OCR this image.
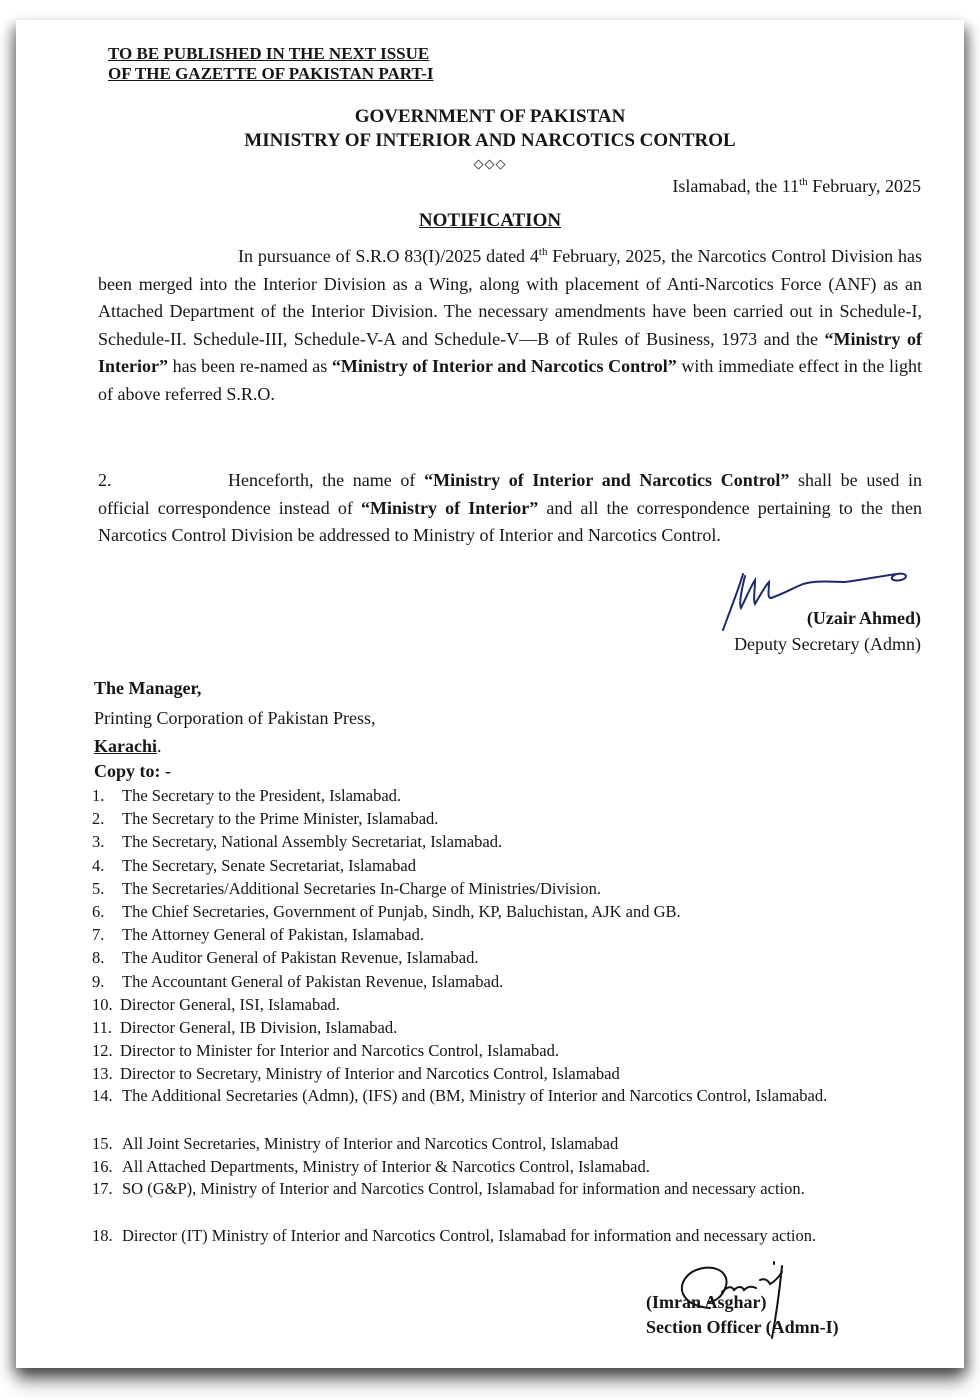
TO BE PUBLISHED IN THE NEXT ISSUE
OF THE GAZETTE OF PAKISTAN PART-I
GOVERNMENT OF PAKISTAN
MINISTRY OF INTERIOR AND NARCOTICS CONTROL
◇◇◇
Islamabad, the 11th February, 2025
NOTIFICATION
In pursuance of S.R.O 83(I)/2025 dated 4th February, 2025, the Narcotics Control Division has been merged into the Interior Division as a Wing, along with placement of Anti-Narcotics Force (ANF) as an Attached Department of the Interior Division. The necessary amendments have been carried out in Schedule-I, Schedule-II. Schedule-III, Schedule-V-A and Schedule-V—B of Rules of Business, 1973 and the “Ministry of Interior” has been re-named as “Ministry of Interior and Narcotics Control” with immediate effect in the light of above referred S.R.O.
2.	Henceforth, the name of “Ministry of Interior and Narcotics Control” shall be used in official correspondence instead of “Ministry of Interior” and all the correspondence pertaining to the then Narcotics Control Division be addressed to Ministry of Interior and Narcotics Control.
(Uzair Ahmed)
Deputy Secretary (Admn)
The Manager,
Printing Corporation of Pakistan Press,
Karachi.
Copy to: -
1.	The Secretary to the President, Islamabad.
2.	The Secretary to the Prime Minister, Islamabad.
3.	The Secretary, National Assembly Secretariat, Islamabad.
4.	The Secretary, Senate Secretariat, Islamabad
5.	The Secretaries/Additional Secretaries In-Charge of Ministries/Division.
6.	The Chief Secretaries, Government of Punjab, Sindh, KP, Baluchistan, AJK and GB.
7.	The Attorney General of Pakistan, Islamabad.
8.	The Auditor General of Pakistan Revenue, Islamabad.
9.	The Accountant General of Pakistan Revenue, Islamabad.
10. Director General, ISI, Islamabad.
11. Director General, IB Division, Islamabad.
12. Director to Minister for Interior and Narcotics Control, Islamabad.
13. Director to Secretary, Ministry of Interior and Narcotics Control, Islamabad
14. The Additional Secretaries (Admn), (IFS) and (BM, Ministry of Interior and Narcotics Control, Islamabad.
15. All Joint Secretaries, Ministry of Interior and Narcotics Control, Islamabad
16. All Attached Departments, Ministry of Interior & Narcotics Control, Islamabad.
17. SO (G&P), Ministry of Interior and Narcotics Control, Islamabad for information and necessary action.
18. Director (IT) Ministry of Interior and Narcotics Control, Islamabad for information and necessary action.
(Imran Asghar)
Section Officer (Admn-I)
